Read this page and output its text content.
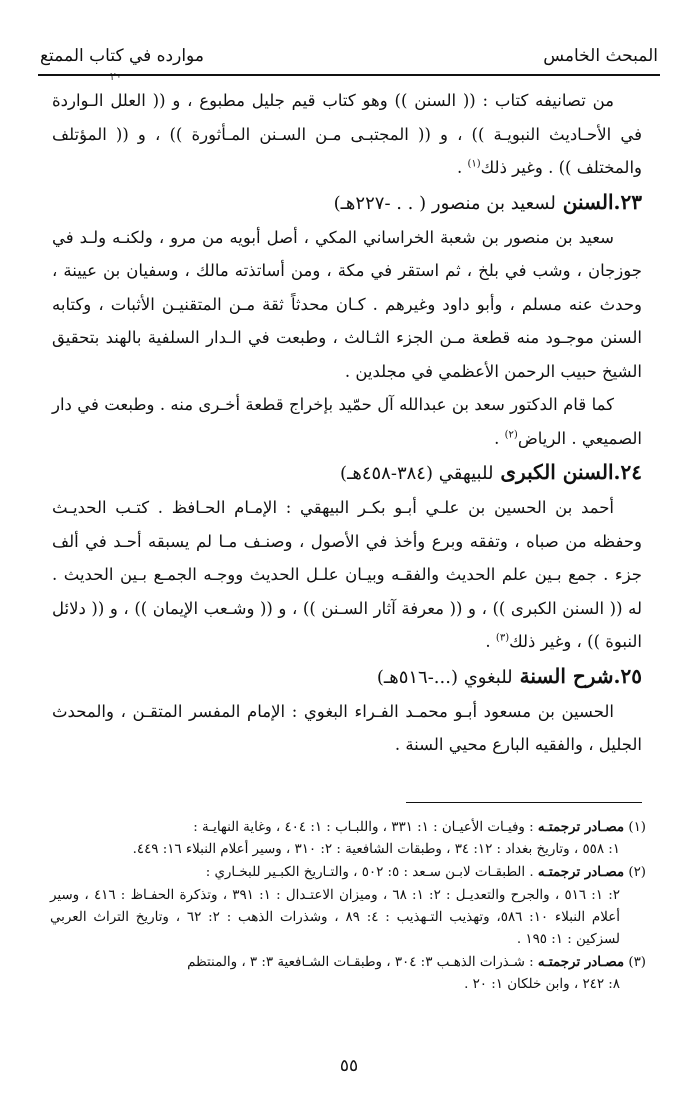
المبحث الخامس
موارده في كتاب الممتع
٢٠

من تصانيفه كتاب : (( السنن )) وهو كتاب قيم جليل مطبوع ، و (( العلل الـواردة في الأحـاديث النبويـة )) ، و (( المجتبـى مـن السـنن المـأثورة )) ، و (( المؤتلف والمختلف )) . وغير ذلك$^{(١)}$ .

٢٣.السنن لسعيد بن منصور ( . . -٢٢٧هـ)

سعيد بن منصور بن شعبة الخراساني المكي ، أصل أبويه من مرو ، ولكنـه ولـد في جوزجان ، وشب في بلخ ، ثم استقر في مكة ، ومن أساتذته مالك ، وسفيان بن عيينة ، وحدث عنه مسلم ، وأبو داود وغيرهم . كـان محدثاً ثقة مـن المتقنيـن الأثبات ، وكتابه السنن موجـود منه قطعة مـن الجزء الثـالث ، وطبعت في الـدار السلفية بالهند بتحقيق الشيخ حبيب الرحمن الأعظمي في مجلدين .

كما قام الدكتور سعد بن عبدالله آل حمّيد بإخراج قطعة أخـرى منه . وطبعت في دار الصميعي . الرياض$^{(٢)}$ .

٢٤.السنن الكبرى للبيهقي (٣٨٤-٤٥٨هـ)

أحمد بن الحسين بن علـي أبـو بكـر البيهقي : الإمـام الحـافظ . كتـب الحديـث وحفظه من صباه ، وتفقه وبرع وأخذ في الأصول ، وصنـف مـا لم يسبقه أحـد في ألف جزء . جمع بـين علم الحديث والفقـه وبيـان علـل الحديث ووجـه الجمـع بـين الحديث . له (( السنن الكبرى )) ، و (( معرفة آثار السـنن )) ، و (( وشـعب الإيمان )) ، و (( دلائل النبوة )) ، وغير ذلك$^{(٣)}$ .

٢٥.شرح السنة للبغوي (...-٥١٦هـ)

الحسين بن مسعود أبـو محمـد الفـراء البغوي : الإمام المفسر المتقـن ، والمحدث الجليل ، والفقيه البارع محيي السنة .

(١) مصـادر ترجمتـه : وفيـات الأعيـان : ١: ٣٣١ ، واللبـاب : ١: ٤٠٤ ، وغاية النهايـة :

١: ٥٥٨ ، وتاريخ بغداد : ١٢: ٣٤ ، وطبقات الشافعية : ٢: ٣١٠ ، وسير أعلام النبلاء ١٦: ٤٤٩.

(٢) مصـادر ترجمتـه . الطبقـات لابـن سـعد : ٥: ٥٠٢ ، والتـاريخ الكبـير للبخـاري :

٢: ١: ٥١٦ ، والجرح والتعديـل : ٢: ١: ٦٨ ، وميزان الاعتـدال : ١: ٣٩١ ، وتذكرة الحفـاظ : ٤١٦ ، وسير أعلام النبلاء ١٠: ٥٨٦، وتهذيب التـهذيب : ٤: ٨٩ ، وشذرات الذهب : ٢: ٦٢ ، وتاريخ التراث العربي لسزكين : ١: ١٩٥ .

(٣) مصـادر ترجمتـه : شـذرات الذهـب ٣: ٣٠٤ ، وطبقـات الشـافعية ٣: ٣ ، والمنتظم

٨: ٢٤٢ ، وابن خلكان ١: ٢٠ .

٥٥
